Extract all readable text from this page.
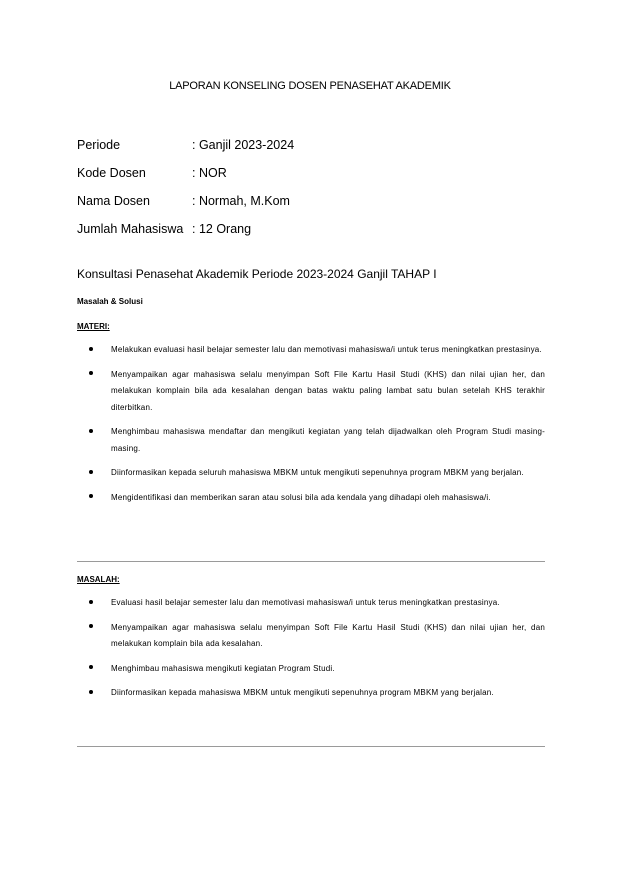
LAPORAN KONSELING DOSEN PENASEHAT AKADEMIK
Periode	: Ganjil 2023-2024
Kode Dosen	: NOR
Nama Dosen	: Normah, M.Kom
Jumlah Mahasiswa : 12 Orang
Konsultasi Penasehat Akademik Periode 2023-2024 Ganjil TAHAP I
Masalah & Solusi
MATERI:
Melakukan evaluasi hasil belajar semester lalu dan memotivasi mahasiswa/i untuk terus meningkatkan prestasinya.
Menyampaikan agar mahasiswa selalu menyimpan Soft File Kartu Hasil Studi (KHS) dan nilai ujian her, dan melakukan komplain bila ada kesalahan dengan batas waktu paling lambat satu bulan setelah KHS terakhir diterbitkan.
Menghimbau mahasiswa mendaftar dan mengikuti kegiatan yang telah dijadwalkan oleh Program Studi masing-masing.
Diinformasikan kepada seluruh mahasiswa MBKM untuk mengikuti sepenuhnya program MBKM yang berjalan.
Mengidentifikasi dan memberikan saran atau solusi bila ada kendala yang dihadapi oleh mahasiswa/i.
MASALAH:
Evaluasi hasil belajar semester lalu dan memotivasi mahasiswa/i untuk terus meningkatkan prestasinya.
Menyampaikan agar mahasiswa selalu menyimpan Soft File Kartu Hasil Studi (KHS) dan nilai ujian her, dan melakukan komplain bila ada kesalahan.
Menghimbau mahasiswa mengikuti kegiatan Program Studi.
Diinformasikan kepada mahasiswa MBKM untuk mengikuti sepenuhnya program MBKM yang berjalan.
